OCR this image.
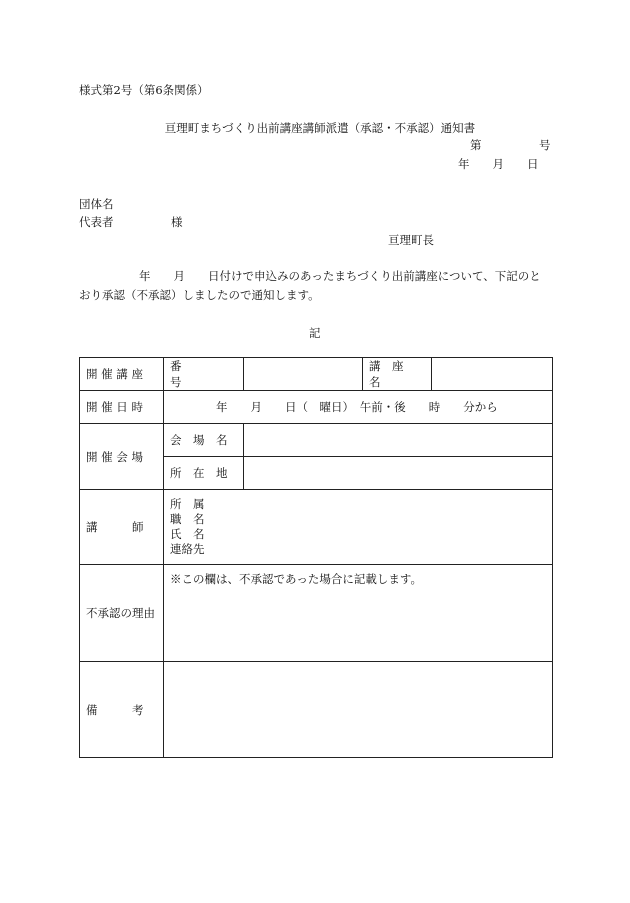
様式第2号（第6条関係）
亘理町まちづくり出前講座講師派遣（承認・不承認）通知書
第　　　　　号
年　　月　　日
団体名
代表者　　　　　様
亘理町長
年　　月　　日付けで申込みのあったまちづくり出前講座について、下記のと
おり承認（不承認）しましたので通知します。
記
開 催 講 座	番　　　　号		講　座　名	
開 催 日 時	年　　月　　日（　曜日）　午前・後　　時　　分から			
開 催 会 場	会　場　名			
	所　在　地			
講　　　師	所　属
職　名
氏　名
連絡先			

不承認の理由	※この欄は、不承認であった場合に記載します。			
備　　　考				
